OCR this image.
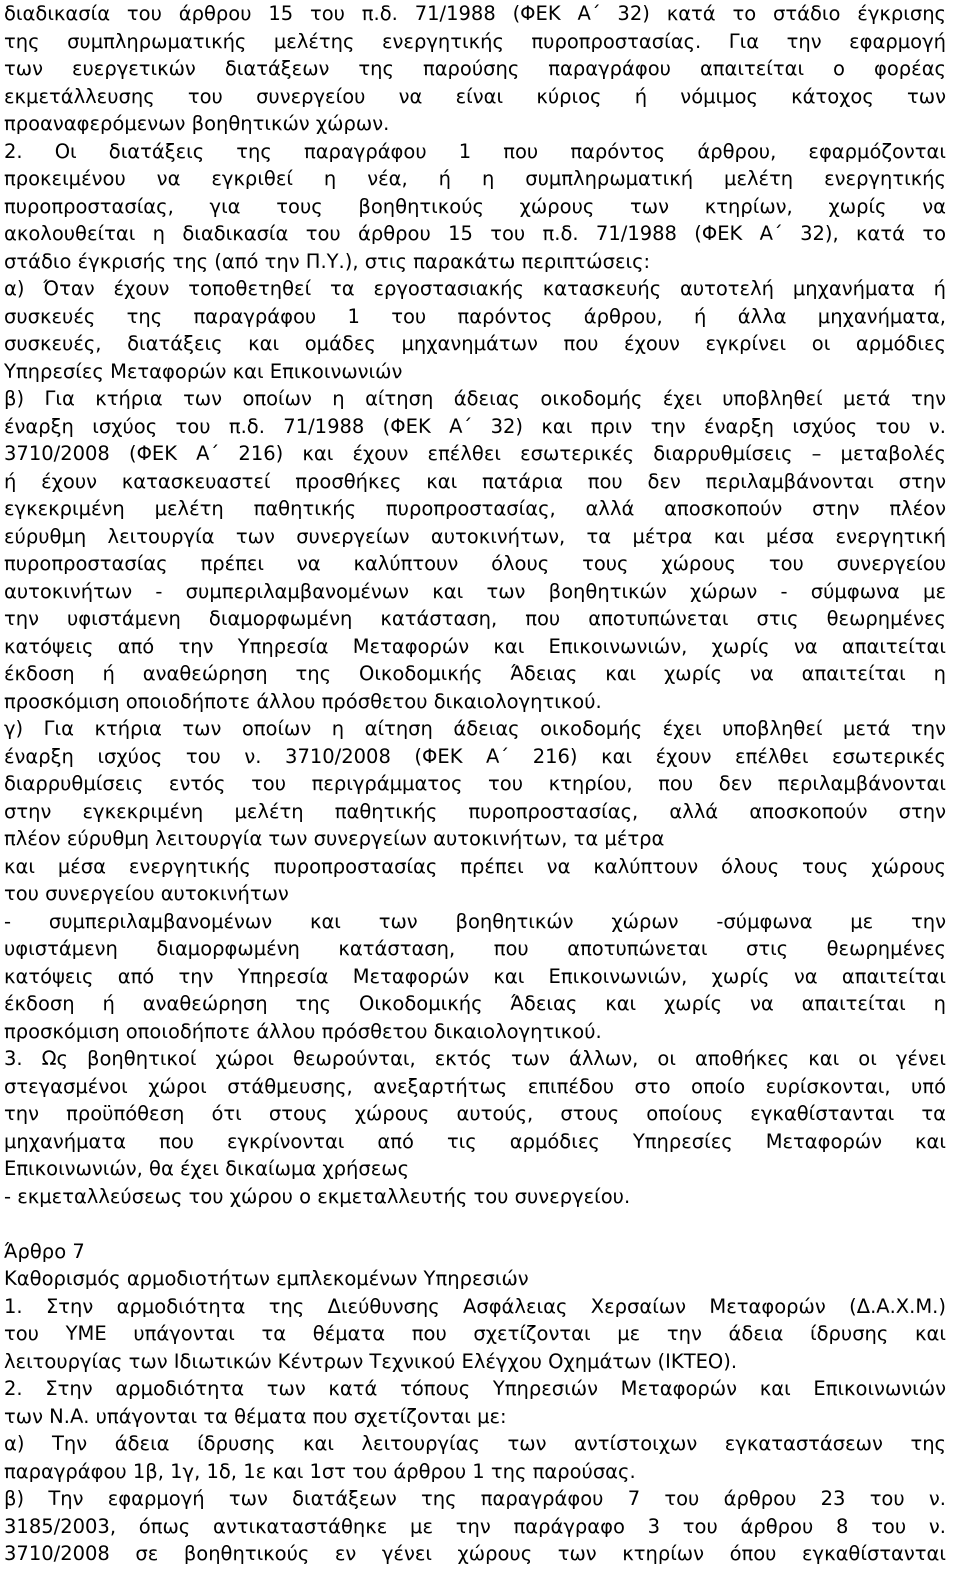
διαδικασία του άρθρου 15 του π.δ. 71/1988 (ΦΕΚ Α΄ 32) κατά το στάδιο έγκρισης
της συμπληρωματικής μελέτης ενεργητικής πυροπροστασίας. Για την εφαρμογή
των ευεργετικών διατάξεων της παρούσης παραγράφου απαιτείται ο φορέας
εκμετάλλευσης του συνεργείου να είναι κύριος ή νόμιμος κάτοχος των
προαναφερόμενων βοηθητικών χώρων.
2. Οι διατάξεις της παραγράφου 1 που παρόντος άρθρου, εφαρμόζονται
προκειμένου να εγκριθεί η νέα, ή η συμπληρωματική μελέτη ενεργητικής
πυροπροστασίας, για τους βοηθητικούς χώρους των κτηρίων, χωρίς να
ακολουθείται η διαδικασία του άρθρου 15 του π.δ. 71/1988 (ΦΕΚ Α΄ 32), κατά το
στάδιο έγκρισής της (από την Π.Υ.), στις παρακάτω περιπτώσεις:
α) Όταν έχουν τοποθετηθεί τα εργοστασιακής κατασκευής αυτοτελή μηχανήματα ή
συσκευές της παραγράφου 1 του παρόντος άρθρου, ή άλλα μηχανήματα,
συσκευές, διατάξεις και ομάδες μηχανημάτων που έχουν εγκρίνει οι αρμόδιες
Υπηρεσίες Μεταφορών και Επικοινωνιών
β) Για κτήρια των οποίων η αίτηση άδειας οικοδομής έχει υποβληθεί μετά την
έναρξη ισχύος του π.δ. 71/1988 (ΦΕΚ Α΄ 32) και πριν την έναρξη ισχύος του ν.
3710/2008 (ΦΕΚ Α΄ 216) και έχουν επέλθει εσωτερικές διαρρυθμίσεις – μεταβολές
ή έχουν κατασκευαστεί προσθήκες και πατάρια που δεν περιλαμβάνονται στην
εγκεκριμένη μελέτη παθητικής πυροπροστασίας, αλλά αποσκοπούν στην πλέον
εύρυθμη λειτουργία των συνεργείων αυτοκινήτων, τα μέτρα και μέσα ενεργητική
πυροπροστασίας πρέπει να καλύπτουν όλους τους χώρους του συνεργείου
αυτοκινήτων - συμπεριλαμβανομένων και των βοηθητικών χώρων - σύμφωνα με
την υφιστάμενη διαμορφωμένη κατάσταση, που αποτυπώνεται στις θεωρημένες
κατόψεις από την Υπηρεσία Μεταφορών και Επικοινωνιών, χωρίς να απαιτείται
έκδοση ή αναθεώρηση της Οικοδομικής Άδειας και χωρίς να απαιτείται η
προσκόμιση οποιοδήποτε άλλου πρόσθετου δικαιολογητικού.
γ) Για κτήρια των οποίων η αίτηση άδειας οικοδομής έχει υποβληθεί μετά την
έναρξη ισχύος του ν. 3710/2008 (ΦΕΚ Α΄ 216) και έχουν επέλθει εσωτερικές
διαρρυθμίσεις εντός του περιγράμματος του κτηρίου, που δεν περιλαμβάνονται
στην εγκεκριμένη μελέτη παθητικής πυροπροστασίας, αλλά αποσκοπούν στην
πλέον εύρυθμη λειτουργία των συνεργείων αυτοκινήτων, τα μέτρα
και μέσα ενεργητικής πυροπροστασίας πρέπει να καλύπτουν όλους τους χώρους
του συνεργείου αυτοκινήτων
- συμπεριλαμβανομένων και των βοηθητικών χώρων -σύμφωνα με την
υφιστάμενη διαμορφωμένη κατάσταση, που αποτυπώνεται στις θεωρημένες
κατόψεις από την Υπηρεσία Μεταφορών και Επικοινωνιών, χωρίς να απαιτείται
έκδοση ή αναθεώρηση της Οικοδομικής Άδειας και χωρίς να απαιτείται η
προσκόμιση οποιοδήποτε άλλου πρόσθετου δικαιολογητικού.
3. Ως βοηθητικοί χώροι θεωρούνται, εκτός των άλλων, οι αποθήκες και οι γένει
στεγασμένοι χώροι στάθμευσης, ανεξαρτήτως επιπέδου στο οποίο ευρίσκονται, υπό
την προϋπόθεση ότι στους χώρους αυτούς, στους οποίους εγκαθίστανται τα
μηχανήματα που εγκρίνονται από τις αρμόδιες Υπηρεσίες Μεταφορών και
Επικοινωνιών, θα έχει δικαίωμα χρήσεως
- εκμεταλλεύσεως του χώρου ο εκμεταλλευτής του συνεργείου.
Άρθρο 7
Καθορισμός αρμοδιοτήτων εμπλεκομένων Υπηρεσιών
1. Στην αρμοδιότητα της Διεύθυνσης Ασφάλειας Χερσαίων Μεταφορών (Δ.Α.Χ.Μ.)
του ΥΜΕ υπάγονται τα θέματα που σχετίζονται με την άδεια ίδρυσης και
λειτουργίας των Ιδιωτικών Κέντρων Τεχνικού Ελέγχου Οχημάτων (ΙΚΤΕΟ).
2. Στην αρμοδιότητα των κατά τόπους Υπηρεσιών Μεταφορών και Επικοινωνιών
των Ν.Α. υπάγονται τα θέματα που σχετίζονται με:
α) Την άδεια ίδρυσης και λειτουργίας των αντίστοιχων εγκαταστάσεων της
παραγράφου 1β, 1γ, 1δ, 1ε και 1στ του άρθρου 1 της παρούσας.
β) Την εφαρμογή των διατάξεων της παραγράφου 7 του άρθρου 23 του ν.
3185/2003, όπως αντικαταστάθηκε με την παράγραφο 3 του άρθρου 8 του ν.
3710/2008 σε βοηθητικούς εν γένει χώρους των κτηρίων όπου εγκαθίστανται
